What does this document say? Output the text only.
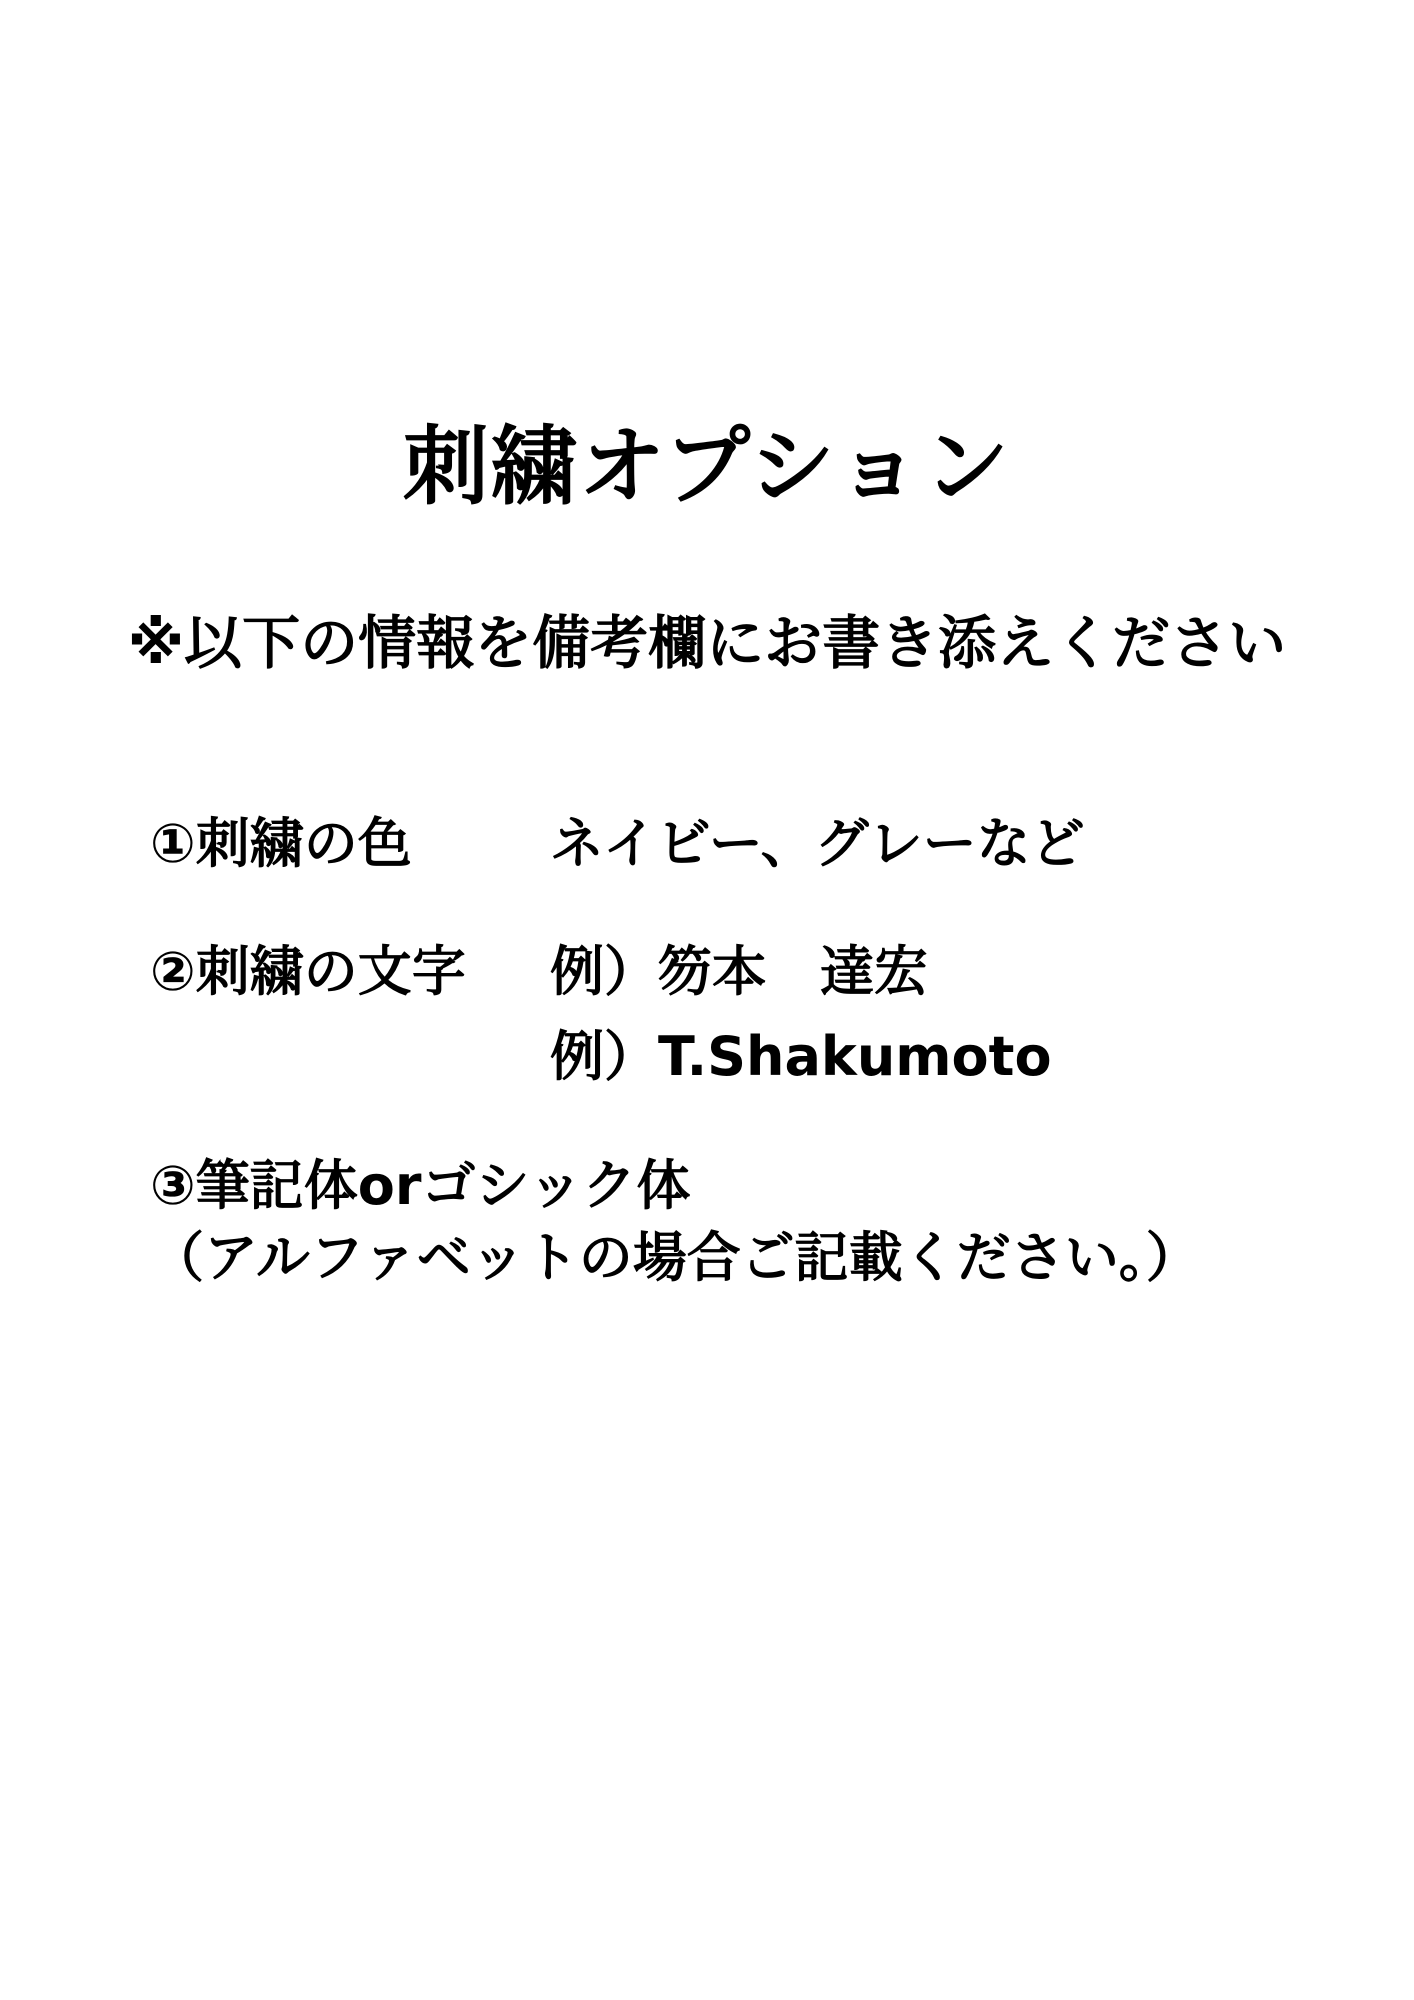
刺繍オプション
※以下の情報を備考欄にお書き添えください
①刺繍の色	ネイビー、グレーなど
②刺繍の文字	例）笏本　達宏
例）T.Shakumoto
③筆記体orゴシック体
（アルファベットの場合ご記載ください。）
